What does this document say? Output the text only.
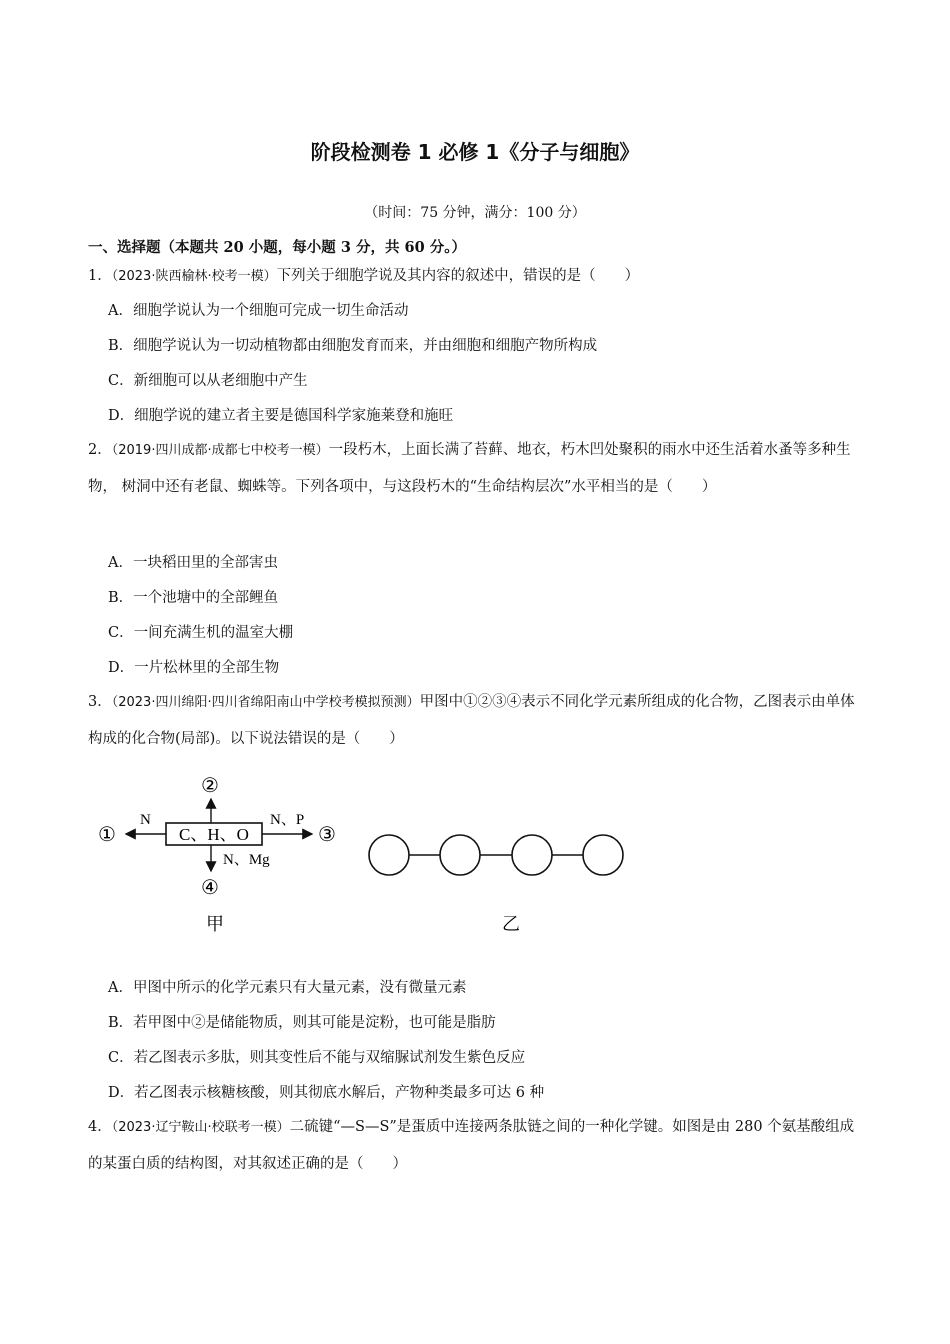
阶段检测卷 1 必修 1《分子与细胞》
（时间：75 分钟，满分：100 分）
一、选择题（本题共 20 小题，每小题 3 分，共 60 分。）
1．（2023·陕西榆林·校考一模）下列关于细胞学说及其内容的叙述中，错误的是（　　）
A．细胞学说认为一个细胞可完成一切生命活动
B．细胞学说认为一切动植物都由细胞发育而来，并由细胞和细胞产物所构成
C．新细胞可以从老细胞中产生
D．细胞学说的建立者主要是德国科学家施莱登和施旺
2．（2019·四川成都·成都七中校考一模）一段朽木，上面长满了苔藓、地衣，朽木凹处聚积的雨水中还生活着水蚤等多种生物， 树洞中还有老鼠、蜘蛛等。下列各项中，与这段朽木的“生命结构层次”水平相当的是（　　）
A．一块稻田里的全部害虫
B．一个池塘中的全部鲤鱼
C．一间充满生机的温室大棚
D．一片松林里的全部生物
3．（2023·四川绵阳·四川省绵阳南山中学校考模拟预测）甲图中①②③④表示不同化学元素所组成的化合物，乙图表示由单体构成的化合物(局部)。以下说法错误的是（　　）
C、H、O
N
①
②
N、P
③
N、Mg
④
甲	乙
A．甲图中所示的化学元素只有大量元素，没有微量元素
B．若甲图中②是储能物质，则其可能是淀粉，也可能是脂肪
C．若乙图表示多肽，则其变性后不能与双缩脲试剂发生紫色反应
D．若乙图表示核糖核酸，则其彻底水解后，产物种类最多可达 6 种
4．（2023·辽宁鞍山·校联考一模）二硫键“—S—S”是蛋质中连接两条肽链之间的一种化学键。如图是由 280 个氨基酸组成的某蛋白质的结构图，对其叙述正确的是（　　）
